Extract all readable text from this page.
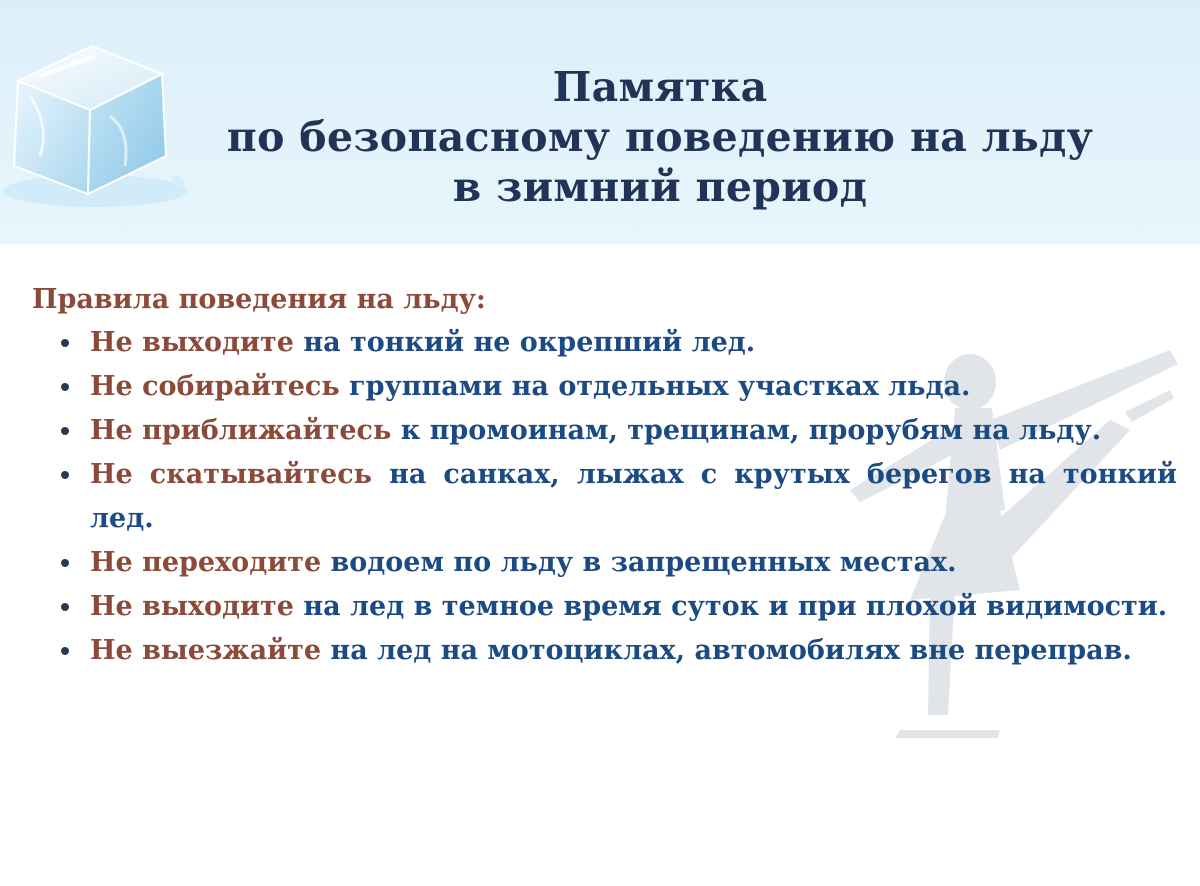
Памятка
по безопасному поведению на льду
в зимний период
Правила поведения на льду:
Не выходите на тонкий не окрепший лед.
Не собирайтесь группами на отдельных участках льда.
Не приближайтесь к промоинам, трещинам, прорубям на льду.
Не скатывайтесь на санках, лыжах с крутых берегов на тонкий лед.
Не переходите водоем по льду в запрещенных местах.
Не выходите на лед в темное время суток и при плохой видимости.
Не выезжайте на лед на мотоциклах, автомобилях вне переправ.
